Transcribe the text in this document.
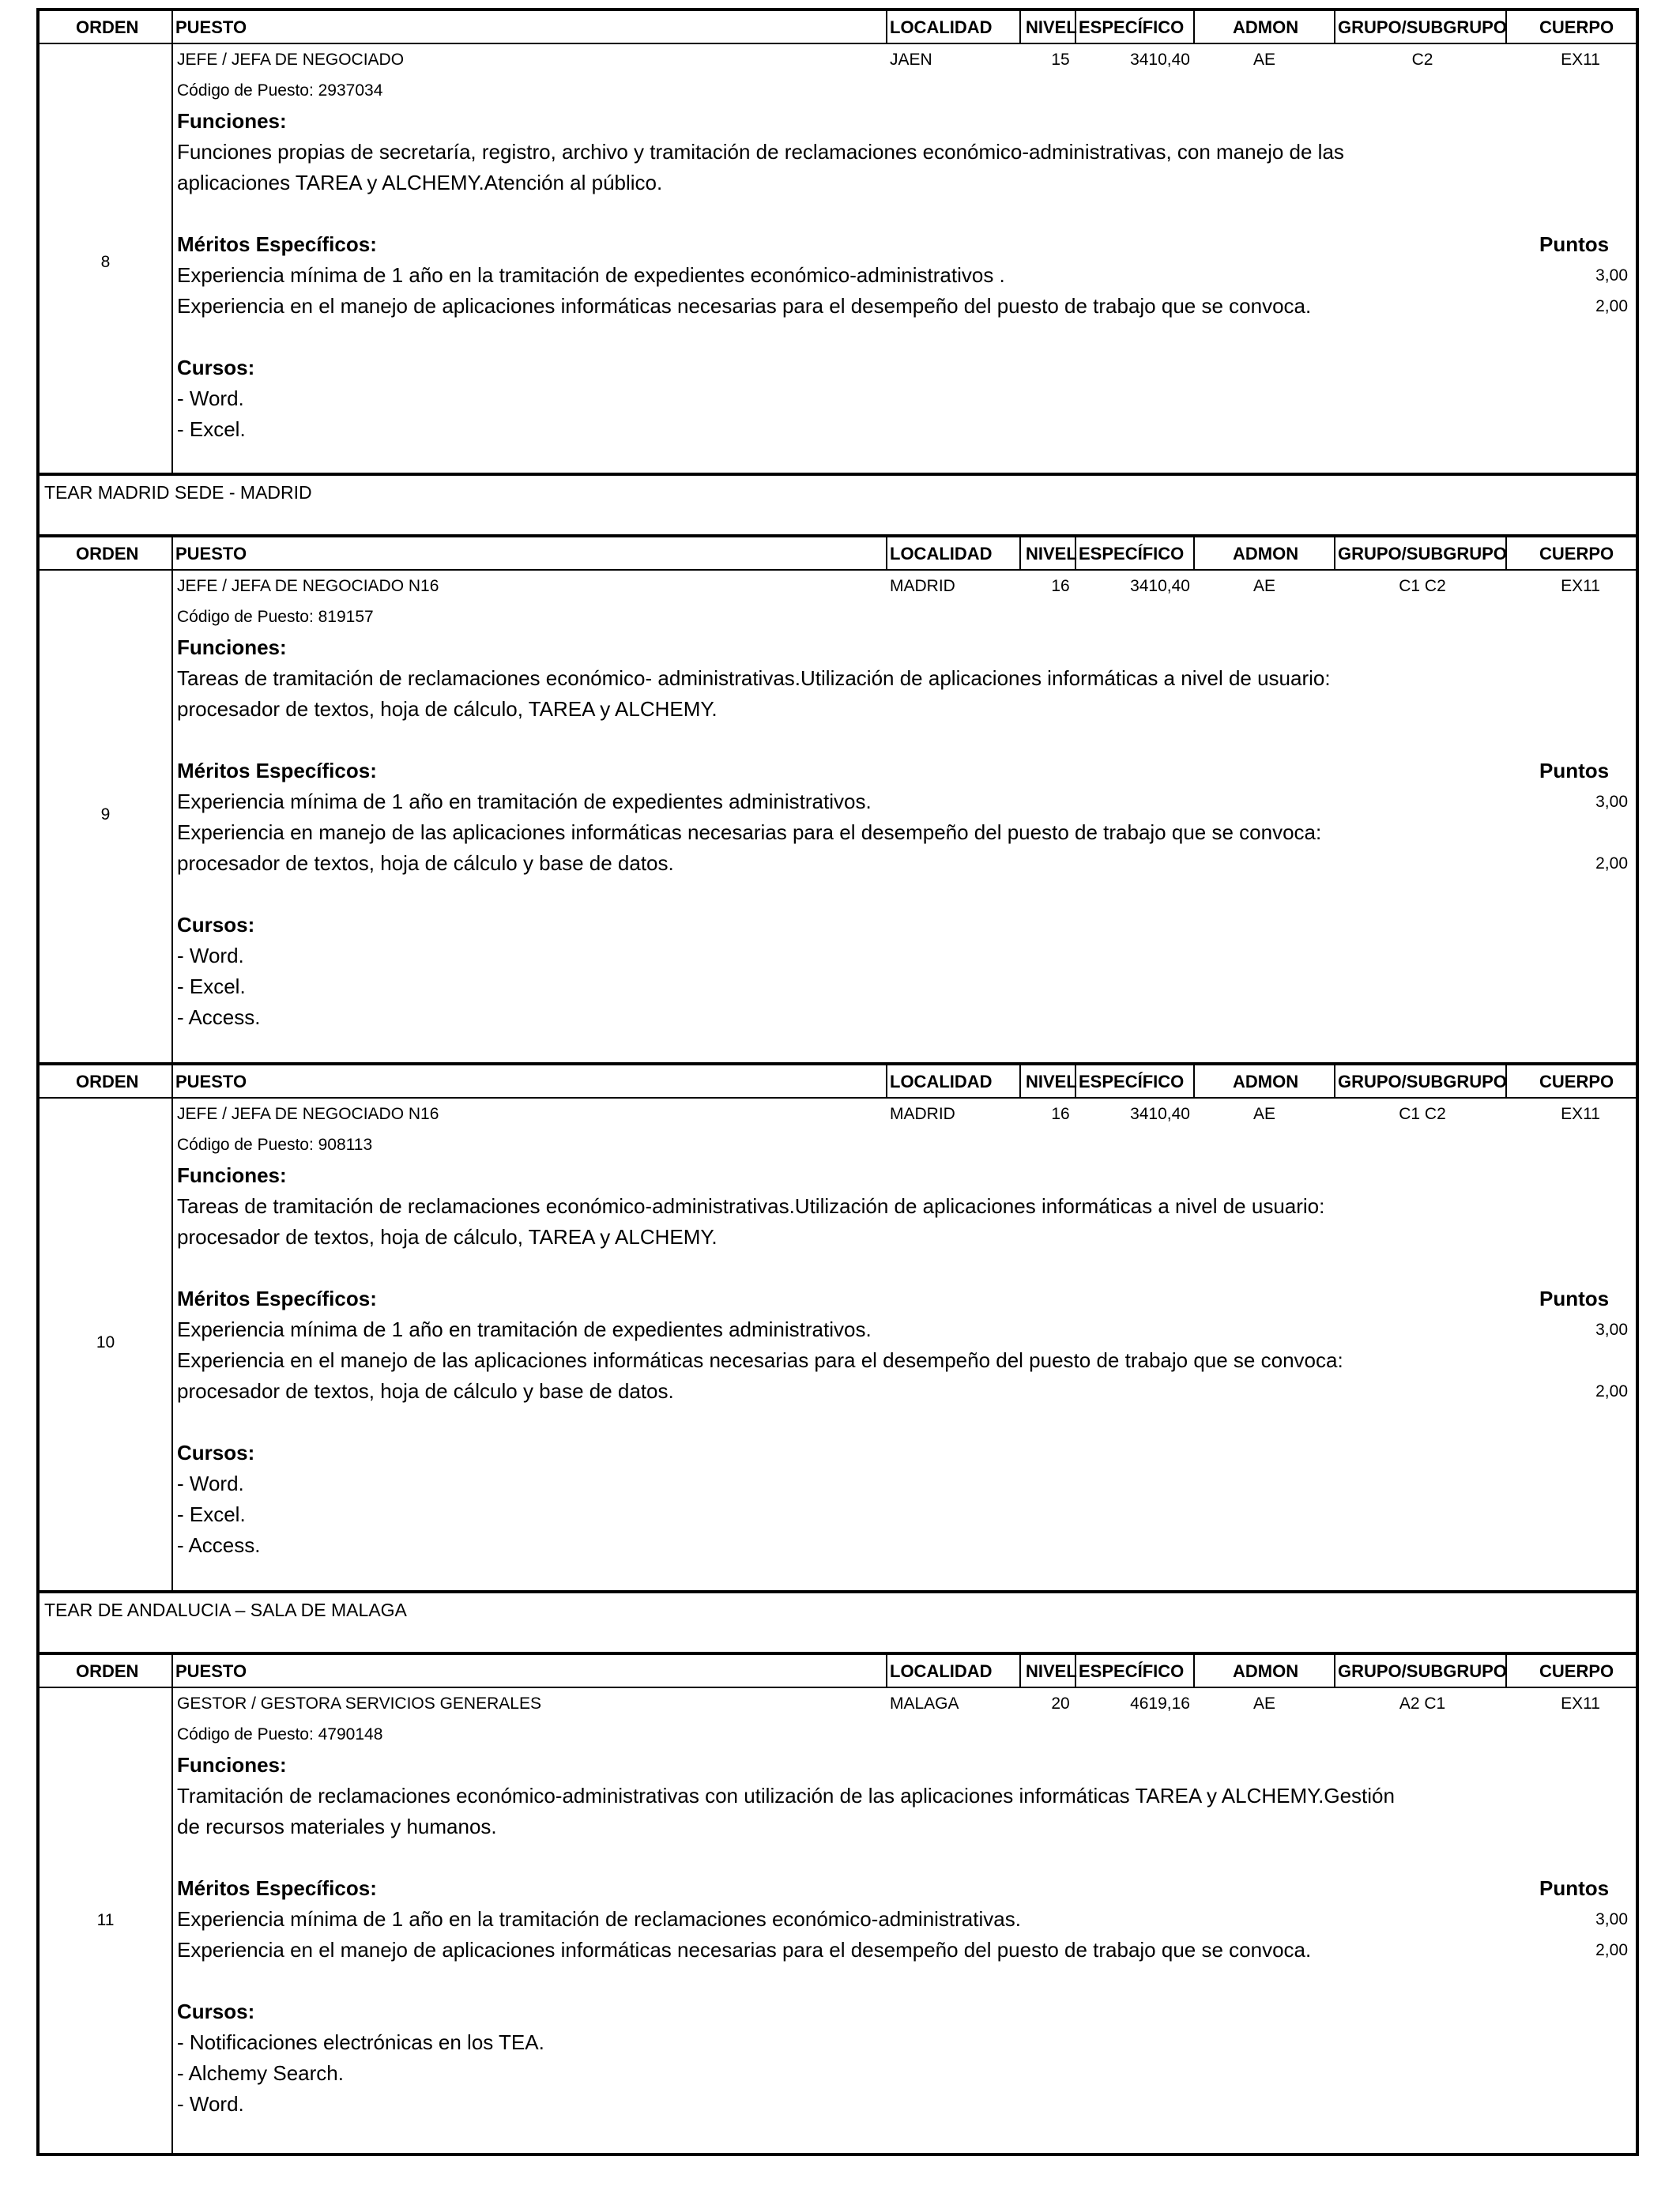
ORDEN PUESTO	LOCALIDAD NIVEL ESPECÍFICO	ADMON GRUPO/SUBGRUPO CUERPO
8
JEFE / JEFA DE NEGOCIADO	JAEN	15	3410,40	AE	C2	EX11
Código de Puesto: 2937034
Funciones:
Funciones propias de secretaría, registro, archivo y tramitación de reclamaciones económico-administrativas, con manejo de las
aplicaciones TAREA y ALCHEMY.Atención al público.
Méritos Específicos:	Puntos
Experiencia mínima de 1 año en la tramitación de expedientes económico-administrativos .	3,00
Experiencia en el manejo de aplicaciones informáticas necesarias para el desempeño del puesto de trabajo que se convoca.	2,00
Cursos:
- Word.
- Excel.
TEAR MADRID SEDE - MADRID
ORDEN PUESTO	LOCALIDAD NIVEL ESPECÍFICO	ADMON GRUPO/SUBGRUPO CUERPO
9
JEFE / JEFA DE NEGOCIADO N16	MADRID	16	3410,40	AE	C1 C2	EX11
Código de Puesto: 819157
Funciones:
Tareas de tramitación de reclamaciones económico- administrativas.Utilización de aplicaciones informáticas a nivel de usuario:
procesador de textos, hoja de cálculo, TAREA y ALCHEMY.
Méritos Específicos:	Puntos
Experiencia mínima de 1 año en tramitación de expedientes administrativos.	3,00
Experiencia en manejo de las aplicaciones informáticas necesarias para el desempeño del puesto de trabajo que se convoca:
procesador de textos, hoja de cálculo y base de datos.	2,00
Cursos:
- Word.
- Excel.
- Access.
ORDEN PUESTO	LOCALIDAD NIVEL ESPECÍFICO	ADMON GRUPO/SUBGRUPO CUERPO
10
JEFE / JEFA DE NEGOCIADO N16	MADRID	16	3410,40	AE	C1 C2	EX11
Código de Puesto: 908113
Funciones:
Tareas de tramitación de reclamaciones económico-administrativas.Utilización de aplicaciones informáticas a nivel de usuario:
procesador de textos, hoja de cálculo, TAREA y ALCHEMY.
Méritos Específicos:	Puntos
Experiencia mínima de 1 año en tramitación de expedientes administrativos.	3,00
Experiencia en el manejo de las aplicaciones informáticas necesarias para el desempeño del puesto de trabajo que se convoca:
procesador de textos, hoja de cálculo y base de datos.	2,00
Cursos:
- Word.
- Excel.
- Access.
TEAR DE ANDALUCIA – SALA DE MALAGA
ORDEN PUESTO	LOCALIDAD NIVEL ESPECÍFICO	ADMON GRUPO/SUBGRUPO CUERPO
11
GESTOR / GESTORA SERVICIOS GENERALES	MALAGA	20	4619,16	AE	A2 C1	EX11
Código de Puesto: 4790148
Funciones:
Tramitación de reclamaciones económico-administrativas con utilización de las aplicaciones informáticas TAREA y ALCHEMY.Gestión
de recursos materiales y humanos.
Méritos Específicos:	Puntos
Experiencia mínima de 1 año en la tramitación de reclamaciones económico-administrativas.	3,00
Experiencia en el manejo de aplicaciones informáticas necesarias para el desempeño del puesto de trabajo que se convoca.	2,00
Cursos:
- Notificaciones electrónicas en los TEA.
- Alchemy Search.
- Word.
